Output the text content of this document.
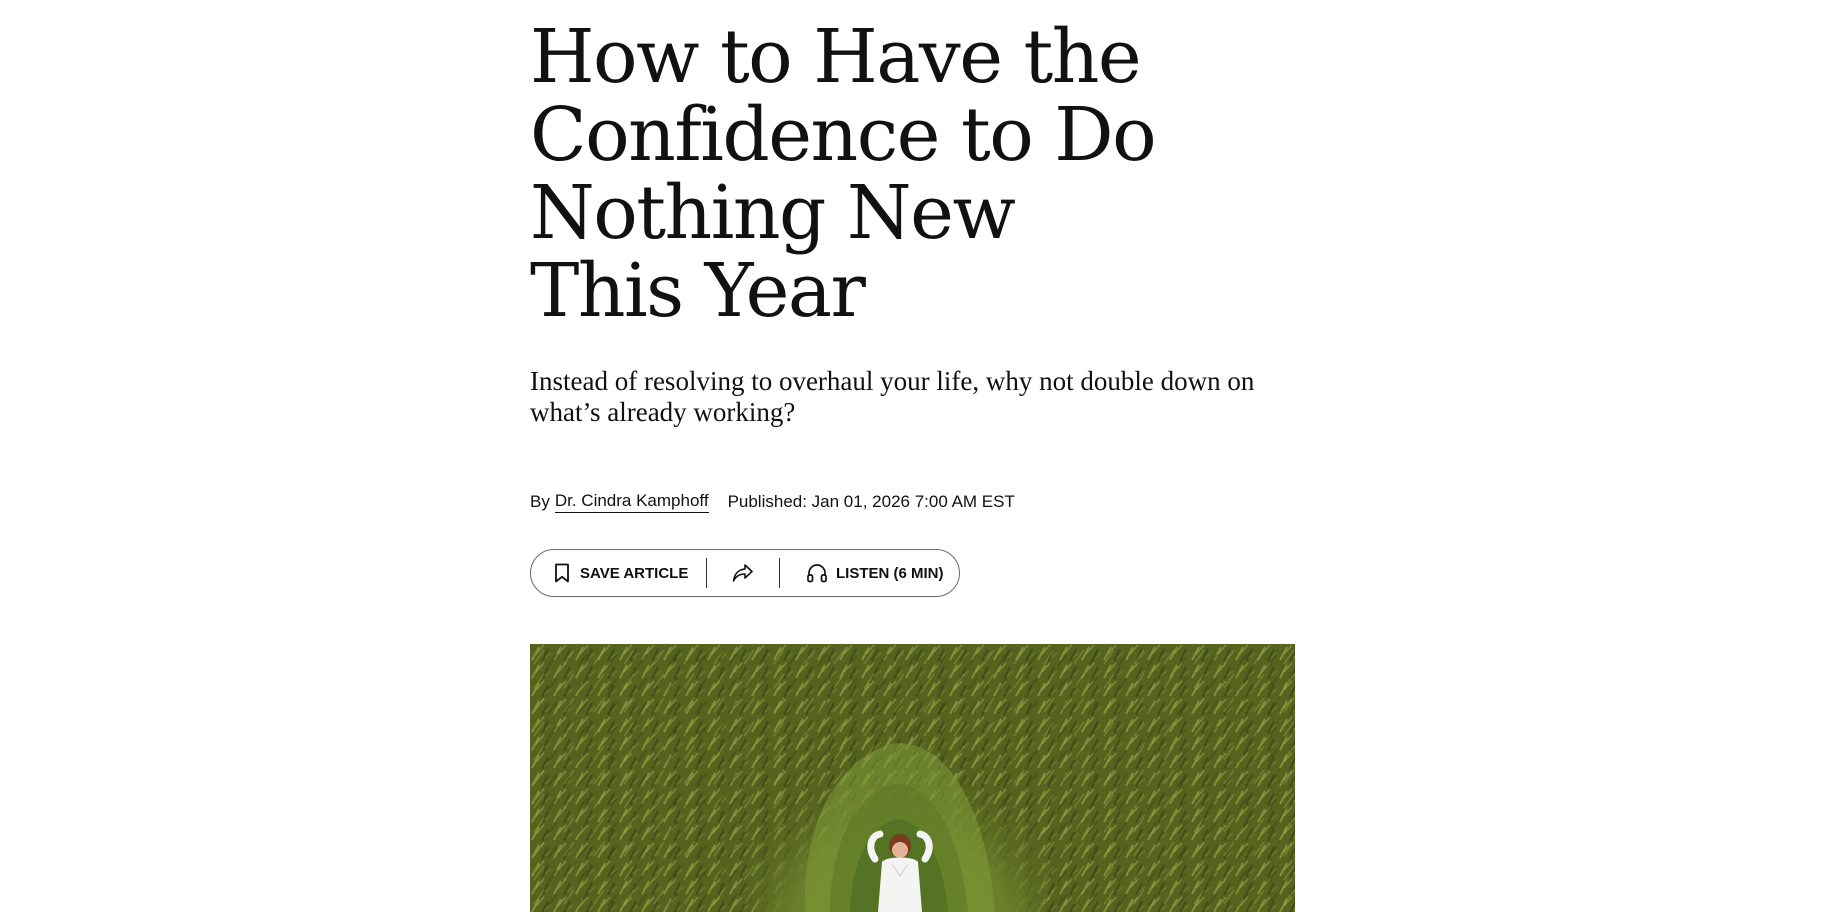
How to Have the Confidence to Do Nothing New This Year

Instead of resolving to overhaul your life, why not double down on what’s already working?

By Dr. Cindra Kamphoff Published: Jan 01, 2026 7:00 AM EST
SAVE ARTICLE	LISTEN (6 MIN)
